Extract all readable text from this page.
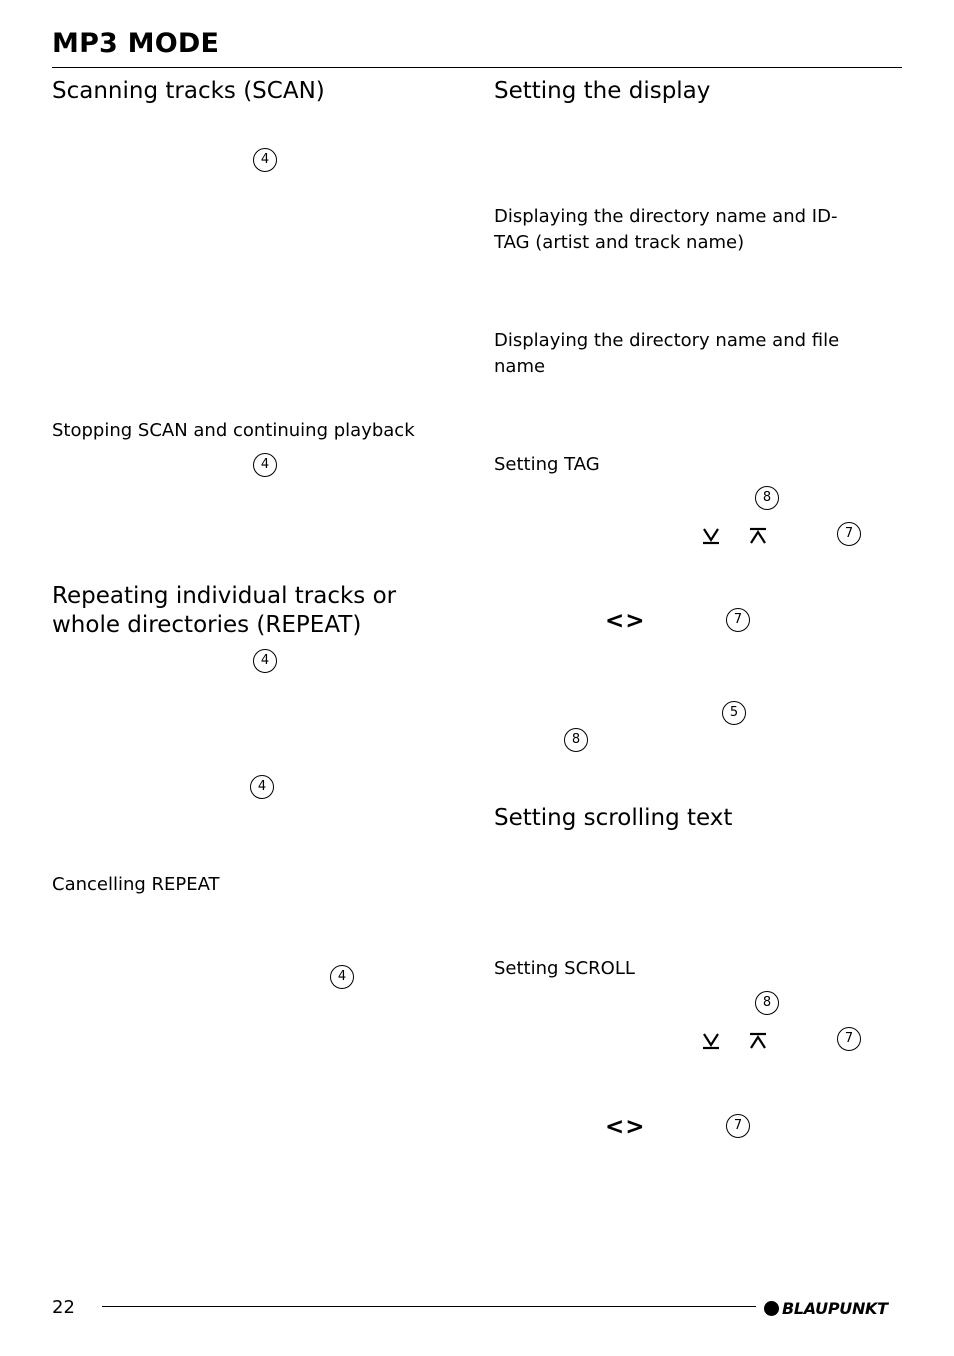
MP3 MODE
Scanning tracks (SCAN)
4
Stopping SCAN and continuing playback
4
Repeating individual tracks or
whole directories (REPEAT)
4
4
Cancelling REPEAT
4
Setting the display
Displaying the directory name and ID-
TAG (artist and track name)
Displaying the directory name and file
name
Setting TAG
8
7
<>	7
5
8
Setting scrolling text
Setting SCROLL
8
7
<>	7
22	BLAUPUNKT
